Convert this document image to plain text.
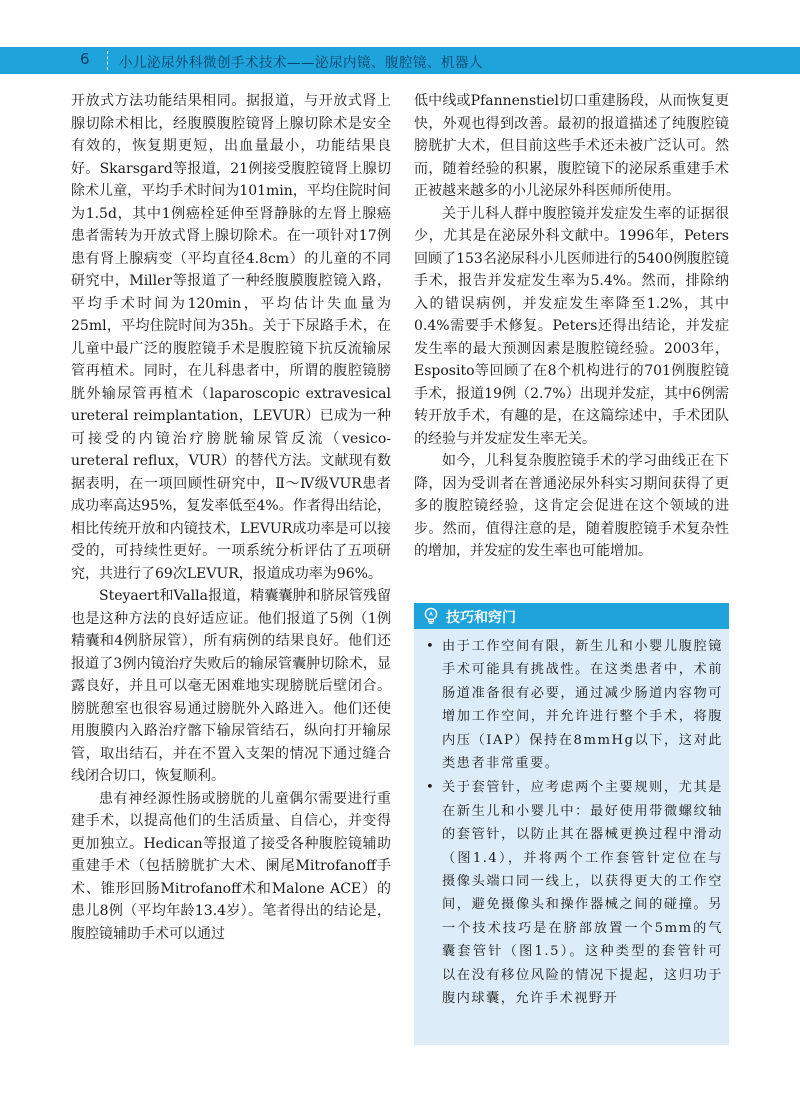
6 小儿泌尿外科微创手术技术——泌尿内镜、腹腔镜、机器人

开放式方法功能结果相同。据报道，与开放式肾上腺切除术相比，经腹膜腹腔镜肾上腺切除术是安全有效的，恢复期更短，出血量最小，功能结果良好。Skarsgard等报道，21例接受腹腔镜肾上腺切除术儿童，平均手术时间为101min，平均住院时间为1.5d，其中1例癌栓延伸至肾静脉的左肾上腺癌患者需转为开放式肾上腺切除术。在一项针对17例患有肾上腺病变（平均直径4.8cm）的儿童的不同研究中，Miller等报道了一种经腹膜腹腔镜入路，平均手术时间为120min，平均估计失血量为25ml，平均住院时间为35h。关于下尿路手术，在儿童中最广泛的腹腔镜手术是腹腔镜下抗反流输尿管再植术。同时，在儿科患者中，所谓的腹腔镜膀胱外输尿管再植术（laparoscopic extravesical ureteral reimplantation，LEVUR）已成为一种可接受的内镜治疗膀胱输尿管反流（vesico-ureteral reflux，VUR）的替代方法。文献现有数据表明，在一项回顾性研究中，Ⅱ～Ⅳ级VUR患者成功率高达95%，复发率低至4%。作者得出结论，相比传统开放和内镜技术，LEVUR成功率是可以接受的，可持续性更好。一项系统分析评估了五项研究，共进行了69次LEVUR，报道成功率为96%。

Steyaert和Valla报道，精囊囊肿和脐尿管残留也是这种方法的良好适应证。他们报道了5例（1例精囊和4例脐尿管），所有病例的结果良好。他们还报道了3例内镜治疗失败后的输尿管囊肿切除术，显露良好，并且可以毫无困难地实现膀胱后壁闭合。膀胱憩室也很容易通过膀胱外入路进入。他们还使用腹膜内入路治疗髂下输尿管结石，纵向打开输尿管，取出结石，并在不置入支架的情况下通过缝合线闭合切口，恢复顺利。

患有神经源性肠或膀胱的儿童偶尔需要进行重建手术，以提高他们的生活质量、自信心，并变得更加独立。Hedican等报道了接受各种腹腔镜辅助重建手术（包括膀胱扩大术、阑尾Mitrofanoff手术、锥形回肠Mitrofanoff术和Malone ACE）的患儿8例（平均年龄13.4岁）。笔者得出的结论是，腹腔镜辅助手术可以通过

低中线或Pfannenstiel切口重建肠段，从而恢复更快，外观也得到改善。最初的报道描述了纯腹腔镜膀胱扩大术，但目前这些手术还未被广泛认可。然而，随着经验的积累，腹腔镜下的泌尿系重建手术正被越来越多的小儿泌尿外科医师所使用。

关于儿科人群中腹腔镜并发症发生率的证据很少，尤其是在泌尿外科文献中。1996年，Peters回顾了153名泌尿科小儿医师进行的5400例腹腔镜手术，报告并发症发生率为5.4%。然而，排除纳入的错误病例，并发症发生率降至1.2%，其中0.4%需要手术修复。Peters还得出结论，并发症发生率的最大预测因素是腹腔镜经验。2003年，Esposito等回顾了在8个机构进行的701例腹腔镜手术，报道19例（2.7%）出现并发症，其中6例需转开放手术，有趣的是，在这篇综述中，手术团队的经验与并发症发生率无关。

如今，儿科复杂腹腔镜手术的学习曲线正在下降，因为受训者在普通泌尿外科实习期间获得了更多的腹腔镜经验，这肯定会促进在这个领域的进步。然而，值得注意的是，随着腹腔镜手术复杂性的增加，并发症的发生率也可能增加。

技巧和窍门
• 由于工作空间有限，新生儿和小婴儿腹腔镜手术可能具有挑战性。在这类患者中，术前肠道准备很有必要，通过减少肠道内容物可增加工作空间，并允许进行整个手术，将腹内压（IAP）保持在8mmHg以下，这对此类患者非常重要。
• 关于套管针，应考虑两个主要规则，尤其是在新生儿和小婴儿中：最好使用带微螺纹轴的套管针，以防止其在器械更换过程中滑动（图1.4），并将两个工作套管针定位在与摄像头端口同一线上，以获得更大的工作空间，避免摄像头和操作器械之间的碰撞。另一个技术技巧是在脐部放置一个5mm的气囊套管针（图1.5）。这种类型的套管针可以在没有移位风险的情况下提起，这归功于腹内球囊，允许手术视野开
